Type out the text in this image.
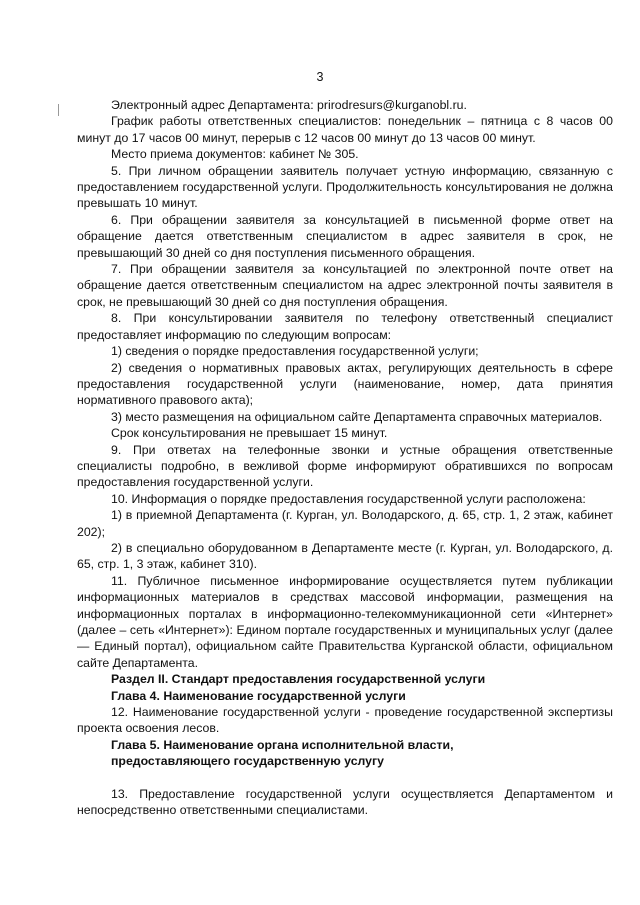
3

Электронный адрес Департамента: prirodresurs@kurganobl.ru.

График работы ответственных специалистов: понедельник – пятница с 8 часов 00 минут до 17 часов 00 минут, перерыв с 12 часов 00 минут до 13 часов 00 минут.

Место приема документов: кабинет № 305.

5. При личном обращении заявитель получает устную информацию, связанную с предоставлением государственной услуги. Продолжительность консультирования не должна превышать 10 минут.

6. При обращении заявителя за консультацией в письменной форме ответ на обращение дается ответственным специалистом в адрес заявителя в срок, не превышающий 30 дней со дня поступления письменного обращения.

7. При обращении заявителя за консультацией по электронной почте ответ на обращение дается ответственным специалистом на адрес электронной почты заявителя в срок, не превышающий 30 дней со дня поступления обращения.

8. При консультировании заявителя по телефону ответственный специалист предоставляет информацию по следующим вопросам:

1) сведения о порядке предоставления государственной услуги;

2) сведения о нормативных правовых актах, регулирующих деятельность в сфере предоставления государственной услуги (наименование, номер, дата принятия нормативного правового акта);

3) место размещения на официальном сайте Департамента справочных материалов.

Срок консультирования не превышает 15 минут.

9. При ответах на телефонные звонки и устные обращения ответственные специалисты подробно, в вежливой форме информируют обратившихся по вопросам предоставления государственной услуги.

10. Информация о порядке предоставления государственной услуги расположена:

1) в приемной Департамента (г. Курган, ул. Володарского, д. 65, стр. 1, 2 этаж, кабинет 202);

2) в специально оборудованном в Департаменте месте (г. Курган, ул. Володарского, д. 65, стр. 1, 3 этаж, кабинет 310).

11. Публичное письменное информирование осуществляется путем публикации информационных материалов в средствах массовой информации, размещения на информационных порталах в информационно-телекоммуникационной сети «Интернет» (далее – сеть «Интернет»): Едином портале государственных и муниципальных услуг (далее — Единый портал), официальном сайте Правительства Курганской области, официальном сайте Департамента.

Раздел II. Стандарт предоставления государственной услуги

Глава 4. Наименование государственной услуги

12. Наименование государственной услуги - проведение государственной экспертизы проекта освоения лесов.

Глава 5. Наименование органа исполнительной власти,

предоставляющего государственную услугу

13. Предоставление государственной услуги осуществляется Департаментом и непосредственно ответственными специалистами.
